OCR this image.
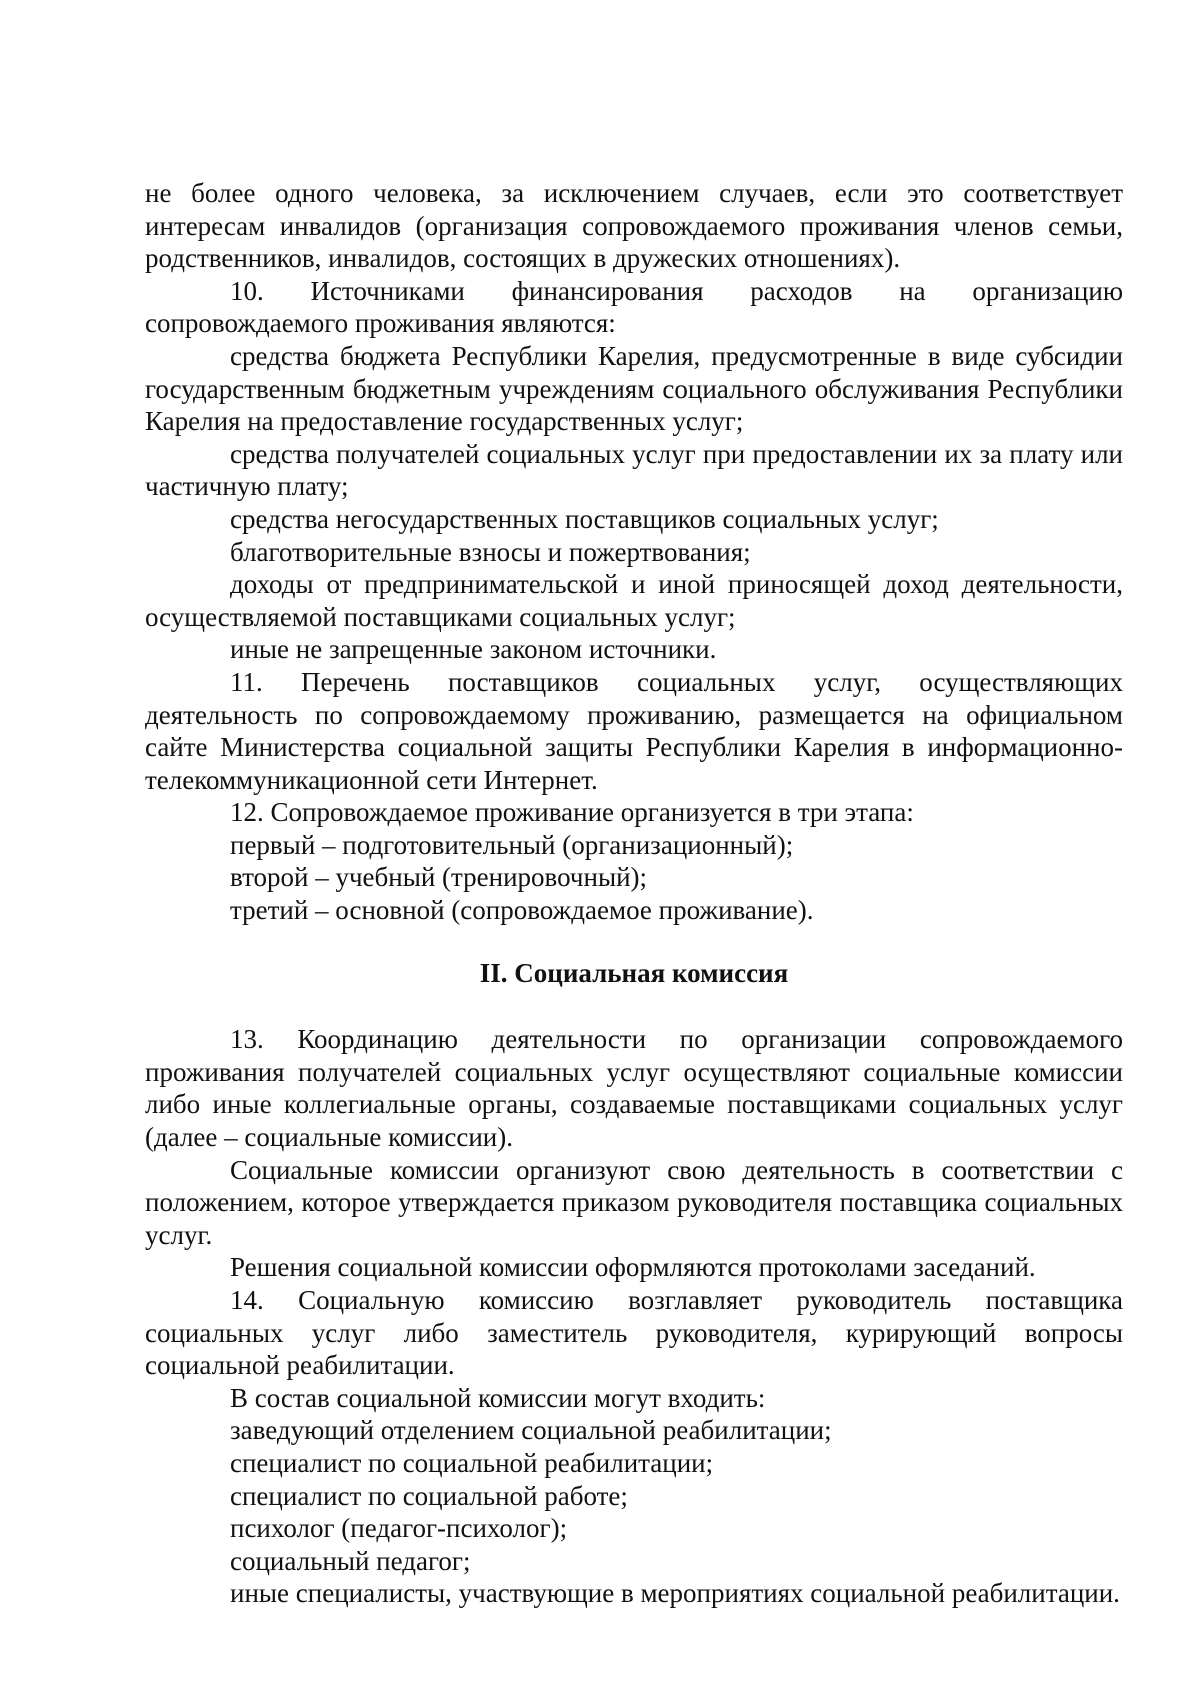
не более одного человека, за исключением случаев, если это соответствует интересам инвалидов (организация сопровождаемого проживания членов семьи, родственников, инвалидов, состоящих в дружеских отношениях).

10. Источниками финансирования расходов на организацию сопровождаемого проживания являются:

средства бюджета Республики Карелия, предусмотренные в виде субсидии государственным бюджетным учреждениям социального обслуживания Республики Карелия на предоставление государственных услуг;

средства получателей социальных услуг при предоставлении их за плату или частичную плату;

средства негосударственных поставщиков социальных услуг;

благотворительные взносы и пожертвования;

доходы от предпринимательской и иной приносящей доход деятельности, осуществляемой поставщиками социальных услуг;

иные не запрещенные законом источники.

11. Перечень поставщиков социальных услуг, осуществляющих деятельность по сопровождаемому проживанию, размещается на официальном сайте Министерства социальной защиты Республики Карелия в информационно-телекоммуникационной сети Интернет.

12. Сопровождаемое проживание организуется в три этапа:

первый – подготовительный (организационный);

второй – учебный (тренировочный);

третий – основной (сопровождаемое проживание).

II. Социальная комиссия

13. Координацию деятельности по организации сопровождаемого проживания получателей социальных услуг осуществляют социальные комиссии либо иные коллегиальные органы, создаваемые поставщиками социальных услуг (далее – социальные комиссии).

Социальные комиссии организуют свою деятельность в соответствии с положением, которое утверждается приказом руководителя поставщика социальных услуг.

Решения социальной комиссии оформляются протоколами заседаний.

14. Социальную комиссию возглавляет руководитель поставщика социальных услуг либо заместитель руководителя, курирующий вопросы социальной реабилитации.

В состав социальной комиссии могут входить:

заведующий отделением социальной реабилитации;

специалист по социальной реабилитации;

специалист по социальной работе;

психолог (педагог-психолог);

социальный педагог;

иные специалисты, участвующие в мероприятиях социальной реабилитации.
